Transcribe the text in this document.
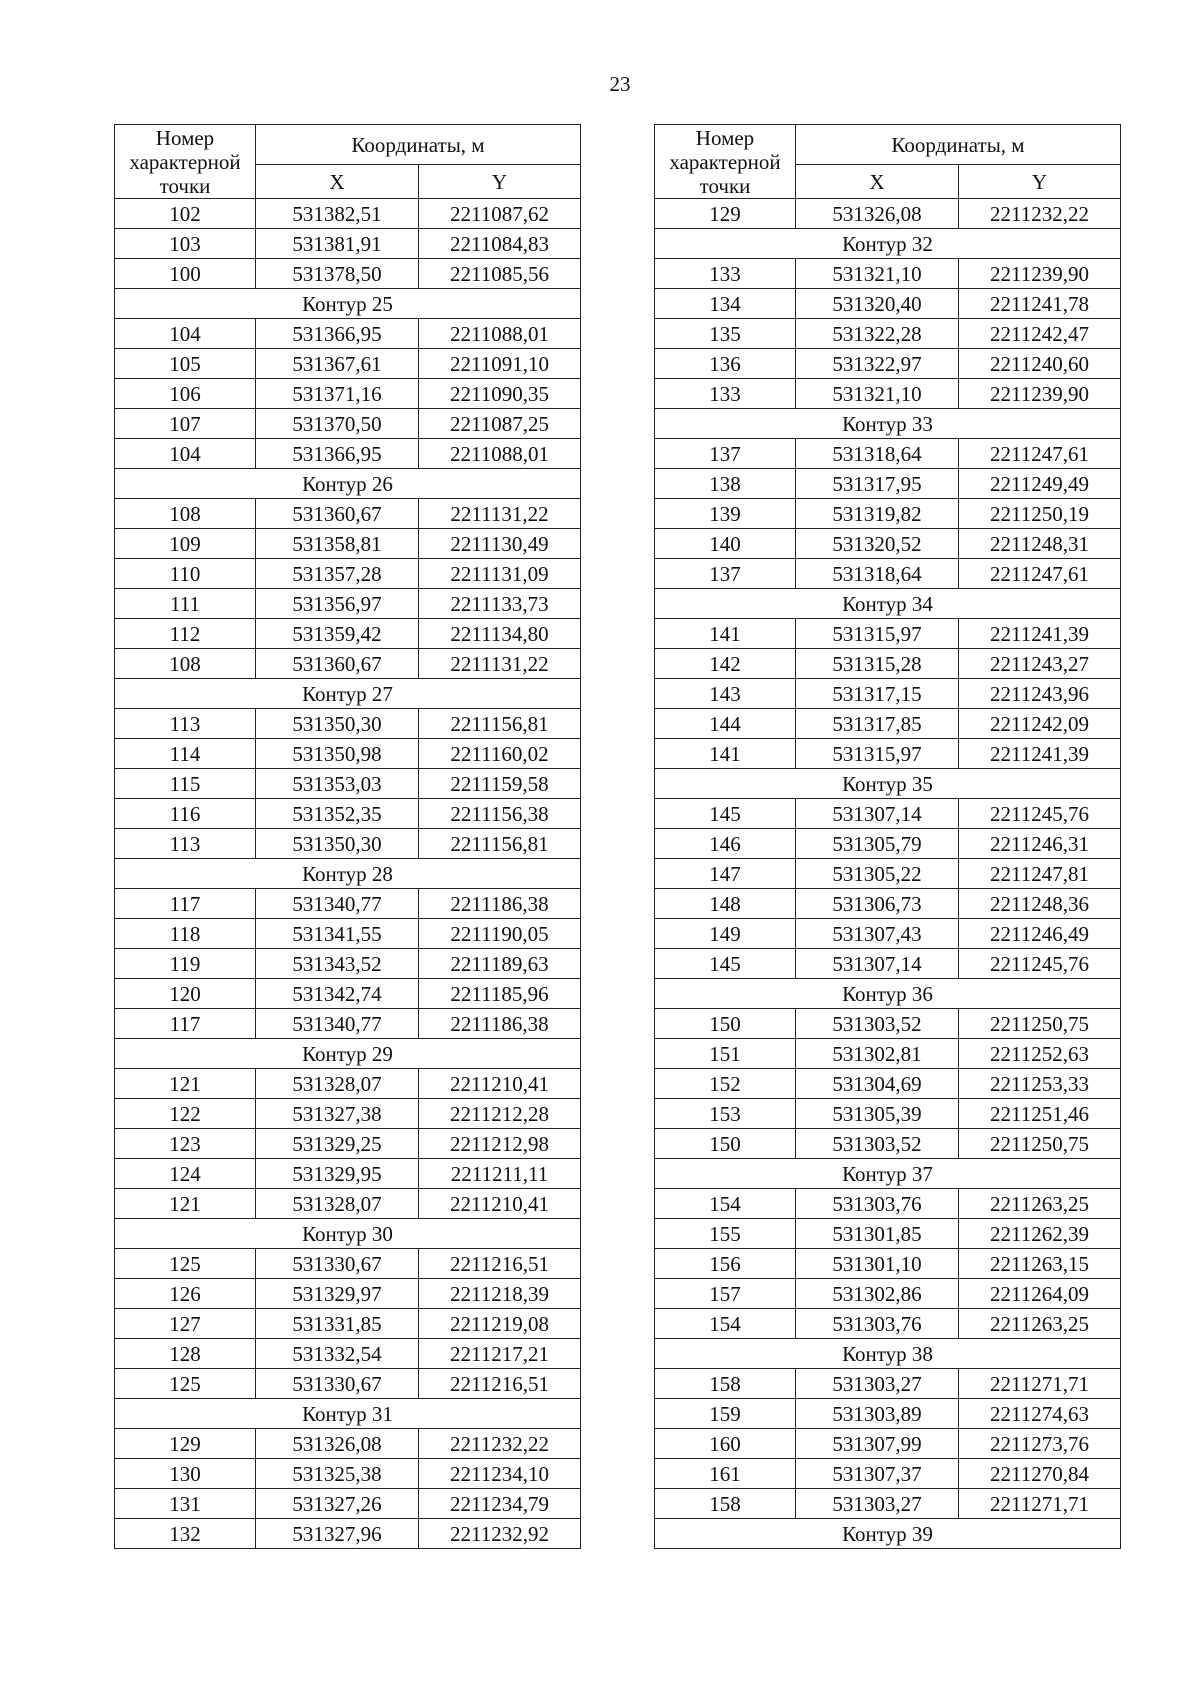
23
Номер характерной точки	Координаты, м	
	X	Y
102	531382,51	2211087,62
103	531381,91	2211084,83
100	531378,50	2211085,56
Контур 25		
104	531366,95	2211088,01
105	531367,61	2211091,10
106	531371,16	2211090,35
107	531370,50	2211087,25
104	531366,95	2211088,01
Контур 26		
108	531360,67	2211131,22
109	531358,81	2211130,49
110	531357,28	2211131,09
111	531356,97	2211133,73
112	531359,42	2211134,80
108	531360,67	2211131,22
Контур 27		
113	531350,30	2211156,81
114	531350,98	2211160,02
115	531353,03	2211159,58
116	531352,35	2211156,38
113	531350,30	2211156,81
Контур 28		
117	531340,77	2211186,38
118	531341,55	2211190,05
119	531343,52	2211189,63
120	531342,74	2211185,96
117	531340,77	2211186,38
Контур 29		
121	531328,07	2211210,41
122	531327,38	2211212,28
123	531329,25	2211212,98
124	531329,95	2211211,11
121	531328,07	2211210,41
Контур 30		
125	531330,67	2211216,51
126	531329,97	2211218,39
127	531331,85	2211219,08
128	531332,54	2211217,21
125	531330,67	2211216,51
Контур 31		
129	531326,08	2211232,22
130	531325,38	2211234,10
131	531327,26	2211234,79
132	531327,96	2211232,92
Номер характерной точки	Координаты, м	
	X	Y
129	531326,08	2211232,22
Контур 32		
133	531321,10	2211239,90
134	531320,40	2211241,78
135	531322,28	2211242,47
136	531322,97	2211240,60
133	531321,10	2211239,90
Контур 33		
137	531318,64	2211247,61
138	531317,95	2211249,49
139	531319,82	2211250,19
140	531320,52	2211248,31
137	531318,64	2211247,61
Контур 34		
141	531315,97	2211241,39
142	531315,28	2211243,27
143	531317,15	2211243,96
144	531317,85	2211242,09
141	531315,97	2211241,39
Контур 35		
145	531307,14	2211245,76
146	531305,79	2211246,31
147	531305,22	2211247,81
148	531306,73	2211248,36
149	531307,43	2211246,49
145	531307,14	2211245,76
Контур 36		
150	531303,52	2211250,75
151	531302,81	2211252,63
152	531304,69	2211253,33
153	531305,39	2211251,46
150	531303,52	2211250,75
Контур 37		
154	531303,76	2211263,25
155	531301,85	2211262,39
156	531301,10	2211263,15
157	531302,86	2211264,09
154	531303,76	2211263,25
Контур 38		
158	531303,27	2211271,71
159	531303,89	2211274,63
160	531307,99	2211273,76
161	531307,37	2211270,84
158	531303,27	2211271,71
Контур 39		
